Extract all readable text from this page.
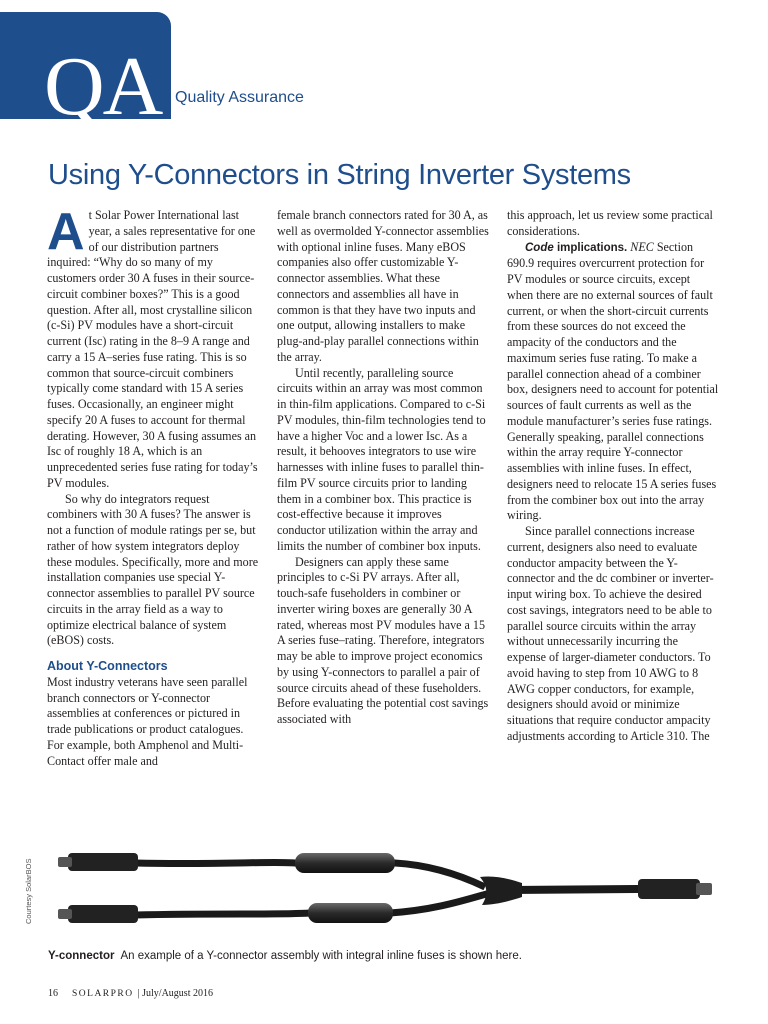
QA Quality Assurance
Using Y-Connectors in String Inverter Systems

At Solar Power International last year, a sales representative for one of our distribution partners inquired: “Why do so many of my customers order 30 A fuses in their source-circuit combiner boxes?” This is a good question. After all, most crystalline silicon (c-Si) PV modules have a short-circuit current (Isc) rating in the 8–9 A range and carry a 15 A–series fuse rating. This is so common that source-circuit combiners typically come standard with 15 A series fuses. Occasionally, an engineer might specify 20 A fuses to account for thermal derating. However, 30 A fusing assumes an Isc of roughly 18 A, which is an unprecedented series fuse rating for today’s PV modules.

So why do integrators request combiners with 30 A fuses? The answer is not a function of module ratings per se, but rather of how system integrators deploy these modules. Specifically, more and more installation companies use special Y-connector assemblies to parallel PV source circuits in the array field as a way to optimize electrical balance of system (eBOS) costs.

About Y-Connectors

Most industry veterans have seen parallel branch connectors or Y-connector assemblies at conferences or pictured in trade publications or product catalogues. For example, both Amphenol and Multi-Contact offer male and

female branch connectors rated for 30 A, as well as overmolded Y-connector assemblies with optional inline fuses. Many eBOS companies also offer customizable Y-connector assemblies. What these connectors and assemblies all have in common is that they have two inputs and one output, allowing installers to make plug-and-play parallel connections within the array.

Until recently, paralleling source circuits within an array was most common in thin-film applications. Compared to c-Si PV modules, thin-film technologies tend to have a higher Voc and a lower Isc. As a result, it behooves integrators to use wire harnesses with inline fuses to parallel thin-film PV source circuits prior to landing them in a combiner box. This practice is cost-effective because it improves conductor utilization within the array and limits the number of combiner box inputs.

Designers can apply these same principles to c-Si PV arrays. After all, touch-safe fuseholders in combiner or inverter wiring boxes are generally 30 A rated, whereas most PV modules have a 15 A series fuse–rating. Therefore, integrators may be able to improve project economics by using Y-connectors to parallel a pair of source circuits ahead of these fuseholders. Before evaluating the potential cost savings associated with

this approach, let us review some practical considerations.

Code implications. NEC Section 690.9 requires overcurrent protection for PV modules or source circuits, except when there are no external sources of fault current, or when the short-circuit currents from these sources do not exceed the ampacity of the conductors and the maximum series fuse rating. To make a parallel connection ahead of a combiner box, designers need to account for potential sources of fault currents as well as the module manufacturer’s series fuse ratings. Generally speaking, parallel connections within the array require Y-connector assemblies with inline fuses. In effect, designers need to relocate 15 A series fuses from the combiner box out into the array wiring.

Since parallel connections increase current, designers also need to evaluate conductor ampacity between the Y-connector and the dc combiner or inverter-input wiring box. To achieve the desired cost savings, integrators need to be able to parallel source circuits within the array without unnecessarily incurring the expense of larger-diameter conductors. To avoid having to step from 10 AWG to 8 AWG copper conductors, for example, designers should avoid or minimize situations that require conductor ampacity adjustments according to Article 310. The

Courtesy SolarBOS
Y-connector An example of a Y-connector assembly with integral inline fuses is shown here.
16 SOLARPRO | July/August 2016
